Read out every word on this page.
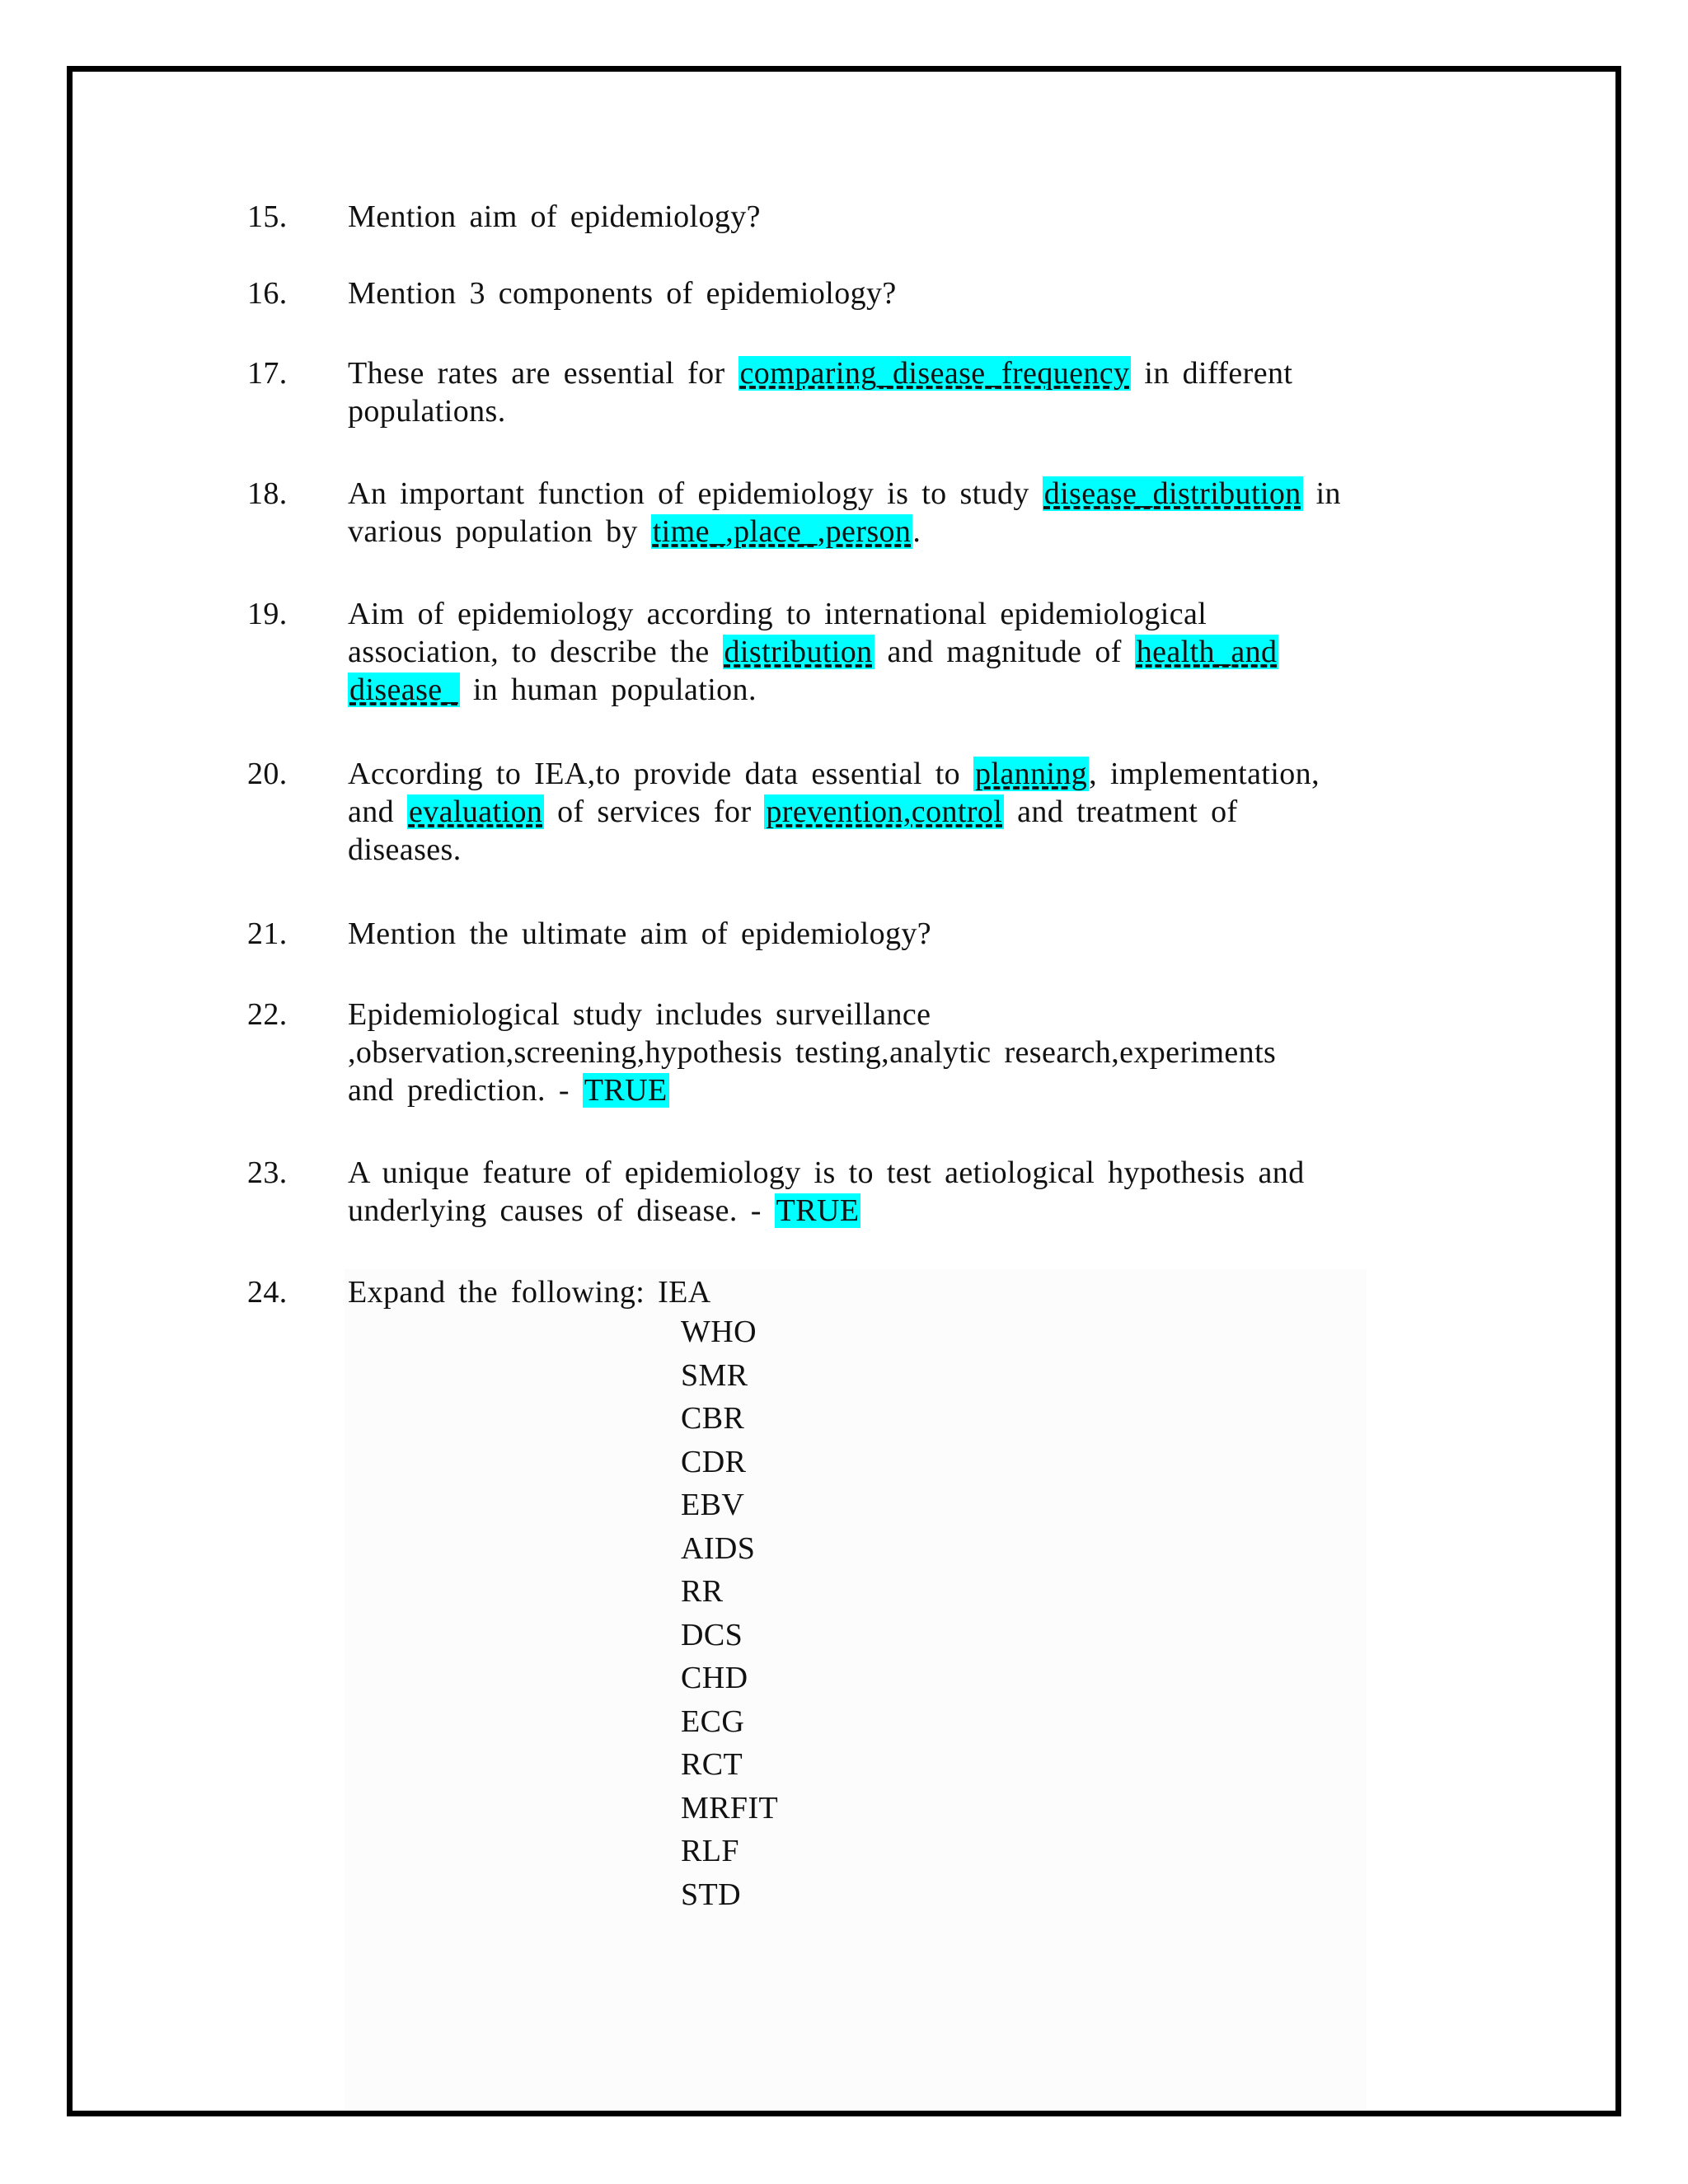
15.	Mention aim of epidemiology?
16.	Mention 3 components of epidemiology?
17.	These rates are essential for comparing_disease_frequency in different
populations.
18.	An important function of epidemiology is to study disease_distribution in
various population by time_,place_,person.
19.	Aim of epidemiology according to international epidemiological
association, to describe the distribution and magnitude of health_and
disease_ in human population.
20.	According to IEA,to provide data essential to planning, implementation,
and evaluation of services for prevention,control and treatment of
diseases.
21.	Mention the ultimate aim of epidemiology?
22.	Epidemiological study includes surveillance
,observation,screening,hypothesis testing,analytic research,experiments
and prediction. - TRUE
23.	A unique feature of epidemiology is to test aetiological hypothesis and
underlying causes of disease. - TRUE
24.	Expand the following: IEA
WHO
SMR
CBR
CDR
EBV
AIDS
RR
DCS
CHD
ECG
RCT
MRFIT
RLF
STD
